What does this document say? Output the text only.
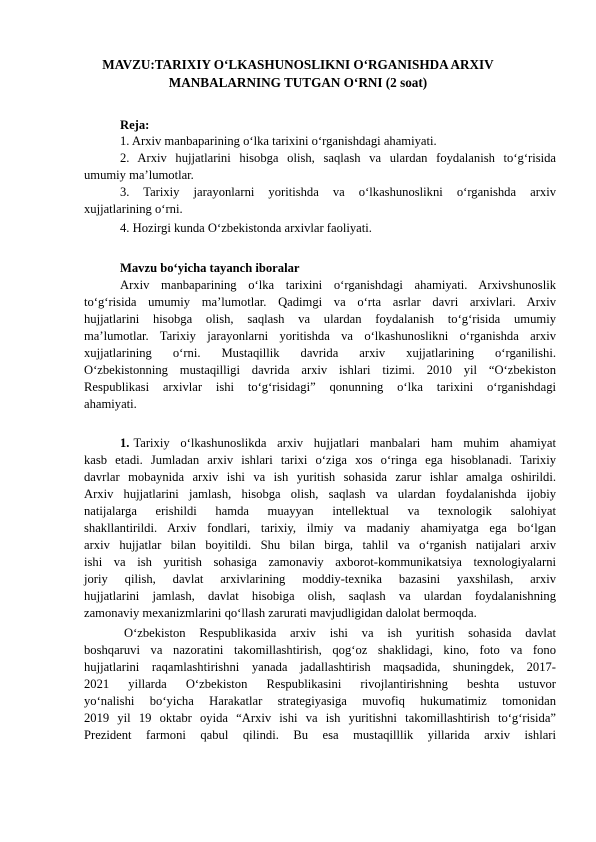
MAVZU:TARIXIY O‘LKASHUNOSLIKNI O‘RGANISHDA ARXIV
MANBALARNING TUTGAN O‘RNI (2 soat)
Reja:
1. Arxiv manbaparining o‘lka tarixini o‘rganishdagi ahamiyati.
2. Arxiv hujjatlarini hisobga olish, saqlash va ulardan foydalanish to‘g‘risida
umumiy ma’lumotlar.
3. Tarixiy jarayonlarni yoritishda va o‘lkashunoslikni o‘rganishda arxiv
xujjatlarining o‘rni.
4. Hozirgi kunda O‘zbekistonda arxivlar faoliyati.
Mavzu bo‘yicha tayanch iboralar
Arxiv manbaparining o‘lka tarixini o‘rganishdagi ahamiyati. Arxivshunoslik
to‘g‘risida umumiy ma’lumotlar. Qadimgi va o‘rta asrlar davri arxivlari. Arxiv
hujjatlarini hisobga olish, saqlash va ulardan foydalanish to‘g‘risida umumiy
ma’lumotlar. Tarixiy jarayonlarni yoritishda va o‘lkashunoslikni o‘rganishda arxiv
xujjatlarining o‘rni. Mustaqillik davrida arxiv xujjatlarining o‘rganilishi.
O‘zbekistonning mustaqilligi davrida arxiv ishlari tizimi. 2010 yil “O‘zbekiston
Respublikasi arxivlar ishi to‘g‘risidagi” qonunning o‘lka tarixini o‘rganishdagi
ahamiyati.
1. Tarixiy o‘lkashunoslikda arxiv hujjatlari manbalari ham muhim ahamiyat
kasb etadi. Jumladan arxiv ishlari tarixi o‘ziga xos o‘ringa ega hisoblanadi. Tarixiy
davrlar mobaynida arxiv ishi va ish yuritish sohasida zarur ishlar amalga oshirildi.
Arxiv hujjatlarini jamlash, hisobga olish, saqlash va ulardan foydalanishda ijobiy
natijalarga erishildi hamda muayyan intellektual va texnologik salohiyat
shakllantirildi. Arxiv fondlari, tarixiy, ilmiy va madaniy ahamiyatga ega bo‘lgan
arxiv hujjatlar bilan boyitildi. Shu bilan birga, tahlil va o‘rganish natijalari arxiv
ishi va ish yuritish sohasiga zamonaviy axborot-kommunikatsiya texnologiyalarni
joriy qilish, davlat arxivlarining moddiy-texnika bazasini yaxshilash, arxiv
hujjatlarini jamlash, davlat hisobiga olish, saqlash va ulardan foydalanishning
zamonaviy mexanizmlarini qo‘llash zarurati mavjudligidan dalolat bermoqda.
O‘zbekiston Respublikasida arxiv ishi va ish yuritish sohasida davlat
boshqaruvi va nazoratini takomillashtirish, qog‘oz shaklidagi, kino, foto va fono
hujjatlarini raqamlashtirishni yanada jadallashtirish maqsadida, shuningdek, 2017-
2021 yillarda O‘zbekiston Respublikasini rivojlantirishning beshta ustuvor
yo‘nalishi bo‘yicha Harakatlar strategiyasiga muvofiq hukumatimiz tomonidan
2019 yil 19 oktabr oyida “Arxiv ishi va ish yuritishni takomillashtirish to‘g‘risida”
Prezident farmoni qabul qilindi. Bu esa mustaqilllik yillarida arxiv ishlari
